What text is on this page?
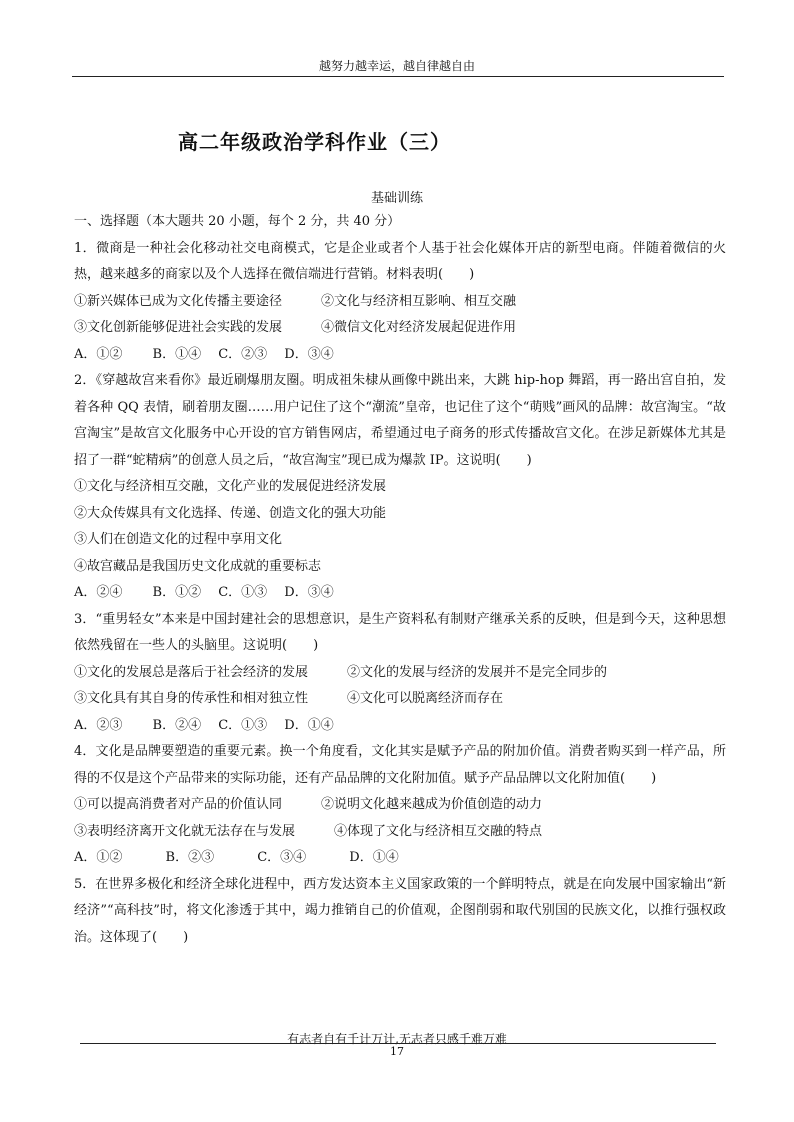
越努力越幸运，越自律越自由
高二年级政治学科作业（三）
基础训练

一、选择题（本大题共 20 小题，每个 2 分，共 40 分）

1．微商是一种社会化移动社交电商模式，它是企业或者个人基于社会化媒体开店的新型电商。伴随着微信的火热，越来越多的商家以及个人选择在微信端进行营销。材料表明(　　)

①新兴媒体已成为文化传播主要途径　　　②文化与经济相互影响、相互交融

③文化创新能够促进社会实践的发展　　　④微信文化对经济发展起促进作用

A．①②　　 B．①④　 C．②③　 D．③④

2．《穿越故宫来看你》最近刷爆朋友圈。明成祖朱棣从画像中跳出来，大跳 hip-hop 舞蹈，再一路出宫自拍，发着各种 QQ 表情，刷着朋友圈……用户记住了这个“潮流”皇帝，也记住了这个“萌贱”画风的品牌：故宫淘宝。“故宫淘宝”是故宫文化服务中心开设的官方销售网店，希望通过电子商务的形式传播故宫文化。在涉足新媒体尤其是招了一群“蛇精病”的创意人员之后，“故宫淘宝”现已成为爆款 IP。这说明(　　)

①文化与经济相互交融，文化产业的发展促进经济发展

②大众传媒具有文化选择、传递、创造文化的强大功能

③人们在创造文化的过程中享用文化

④故宫藏品是我国历史文化成就的重要标志

A．②④　　 B．①②　 C．①③　 D．③④

3．“重男轻女”本来是中国封建社会的思想意识，是生产资料私有制财产继承关系的反映，但是到今天，这种思想依然残留在一些人的头脑里。这说明(　　)

①文化的发展总是落后于社会经济的发展　　　②文化的发展与经济的发展并不是完全同步的

③文化具有其自身的传承性和相对独立性　　　④文化可以脱离经济而存在

A．②③　　 B．②④　 C．①③　 D．①④

4．文化是品牌要塑造的重要元素。换一个角度看，文化其实是赋予产品的附加价值。消费者购买到一样产品，所得的不仅是这个产品带来的实际功能，还有产品品牌的文化附加值。赋予产品品牌以文化附加值(　　)

①可以提高消费者对产品的价值认同　　　②说明文化越来越成为价值创造的动力

③表明经济离开文化就无法存在与发展　　　④体现了文化与经济相互交融的特点

A．①②　　　 B．②③　　　 C．③④　　　 D．①④

5．在世界多极化和经济全球化进程中，西方发达资本主义国家政策的一个鲜明特点，就是在向发展中国家输出“新经济”“高科技”时，将文化渗透于其中，竭力推销自己的价值观，企图削弱和取代别国的民族文化，以推行强权政治。这体现了(　　)

有志者自有千计万计,无志者只感千难万难
17
